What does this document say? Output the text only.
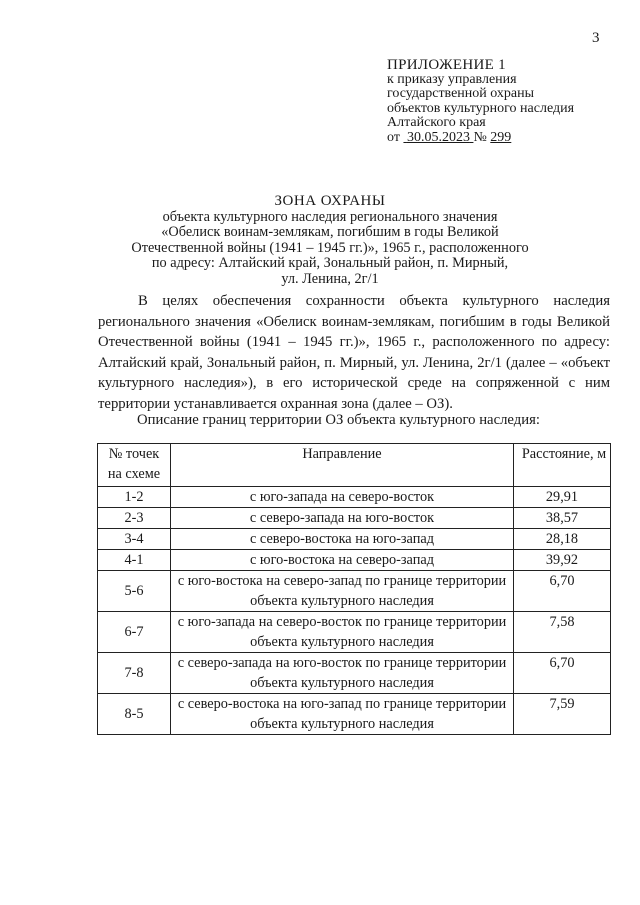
3
ПРИЛОЖЕНИЕ 1
к приказу управления
государственной охраны
объектов культурного наследия
Алтайского края
от 30.05.2023 № 299
ЗОНА ОХРАНЫ
объекта культурного наследия регионального значения
«Обелиск воинам-землякам, погибшим в годы Великой
Отечественной войны (1941 – 1945 гг.)», 1965 г., расположенного
по адресу: Алтайский край, Зональный район, п. Мирный,
ул. Ленина, 2г/1

В целях обеспечения сохранности объекта культурного наследия регионального значения «Обелиск воинам-землякам, погибшим в годы Великой Отечественной войны (1941 – 1945 гг.)», 1965 г., расположенного по адресу: Алтайский край, Зональный район, п. Мирный, ул. Ленина, 2г/1 (далее – «объект культурного наследия»), в его исторической среде на сопряженной с ним территории устанавливается охранная зона (далее – ОЗ).

Описание границ территории ОЗ объекта культурного наследия:
№ точек на схеме	Направление	Расстояние, м
1-2	с юго-запада на северо-восток	29,91
2-3	с северо-запада на юго-восток	38,57
3-4	с северо-востока на юго-запад	28,18
4-1	с юго-востока на северо-запад	39,92
5-6	с юго-востока на северо-запад по границе территории объекта культурного наследия	6,70
6-7	с юго-запада на северо-восток по границе территории объекта культурного наследия	7,58
7-8	с северо-запада на юго-восток по границе территории объекта культурного наследия	6,70
8-5	с северо-востока на юго-запад по границе территории объекта культурного наследия	7,59
